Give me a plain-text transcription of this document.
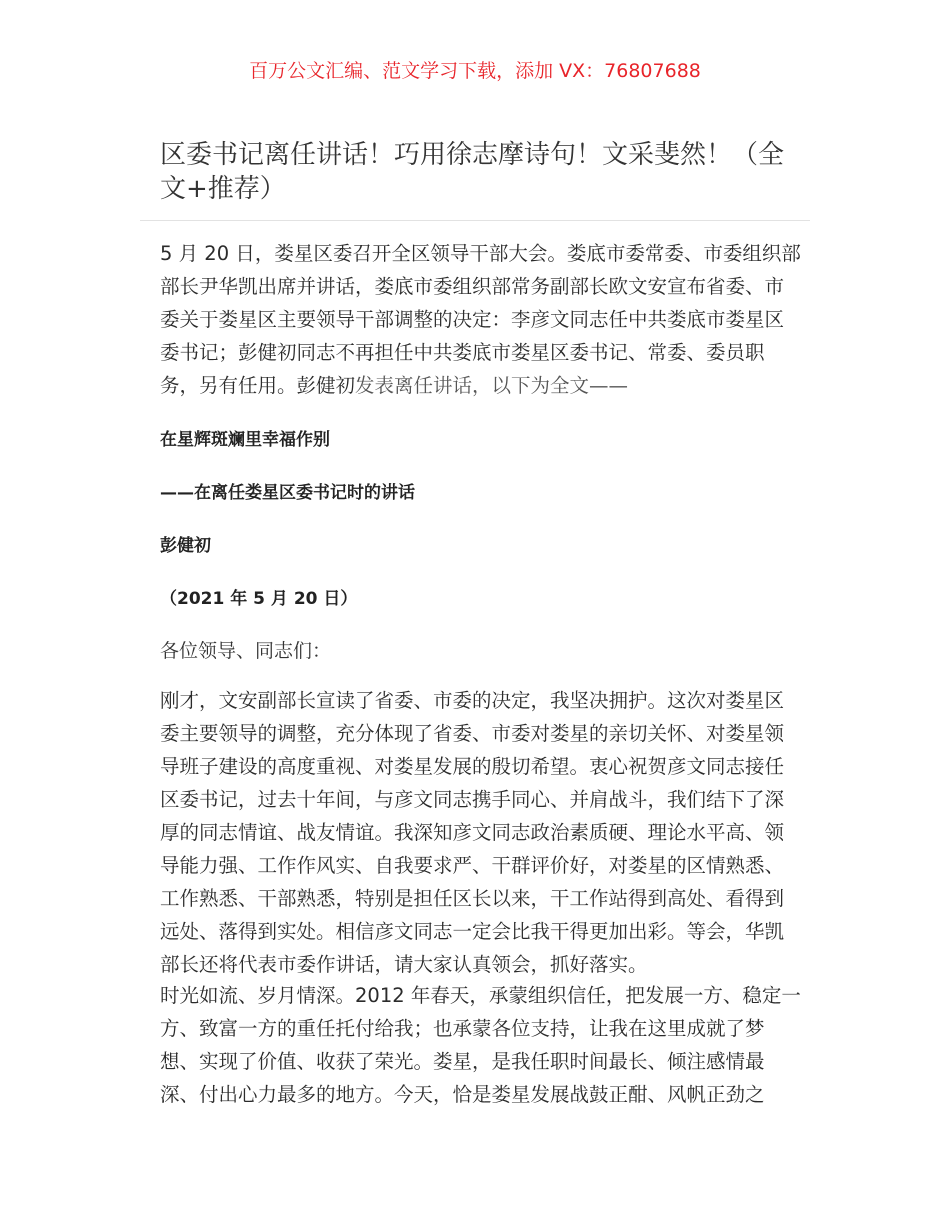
百万公文汇编、范文学习下载，添加 VX：76807688
区委书记离任讲话！巧用徐志摩诗句！文采斐然！（全
文+推荐）
5 月 20 日，娄星区委召开全区领导干部大会。娄底市委常委、市委组织部
部长尹华凯出席并讲话，娄底市委组织部常务副部长欧文安宣布省委、市
委关于娄星区主要领导干部调整的决定：李彦文同志任中共娄底市娄星区
委书记；彭健初同志不再担任中共娄底市娄星区委书记、常委、委员职
务，另有任用。彭健初发表离任讲话，以下为全文——
在星辉斑斓里幸福作别
——在离任娄星区委书记时的讲话
彭健初
（2021 年 5 月 20 日）
各位领导、同志们：
刚才，文安副部长宣读了省委、市委的决定，我坚决拥护。这次对娄星区
委主要领导的调整，充分体现了省委、市委对娄星的亲切关怀、对娄星领
导班子建设的高度重视、对娄星发展的殷切希望。衷心祝贺彦文同志接任
区委书记，过去十年间，与彦文同志携手同心、并肩战斗，我们结下了深
厚的同志情谊、战友情谊。我深知彦文同志政治素质硬、理论水平高、领
导能力强、工作作风实、自我要求严、干群评价好，对娄星的区情熟悉、
工作熟悉、干部熟悉，特别是担任区长以来，干工作站得到高处、看得到
远处、落得到实处。相信彦文同志一定会比我干得更加出彩。等会，华凯
部长还将代表市委作讲话，请大家认真领会，抓好落实。
时光如流、岁月情深。2012 年春天，承蒙组织信任，把发展一方、稳定一
方、致富一方的重任托付给我；也承蒙各位支持，让我在这里成就了梦
想、实现了价值、收获了荣光。娄星，是我任职时间最长、倾注感情最
深、付出心力最多的地方。今天，恰是娄星发展战鼓正酣、风帆正劲之
